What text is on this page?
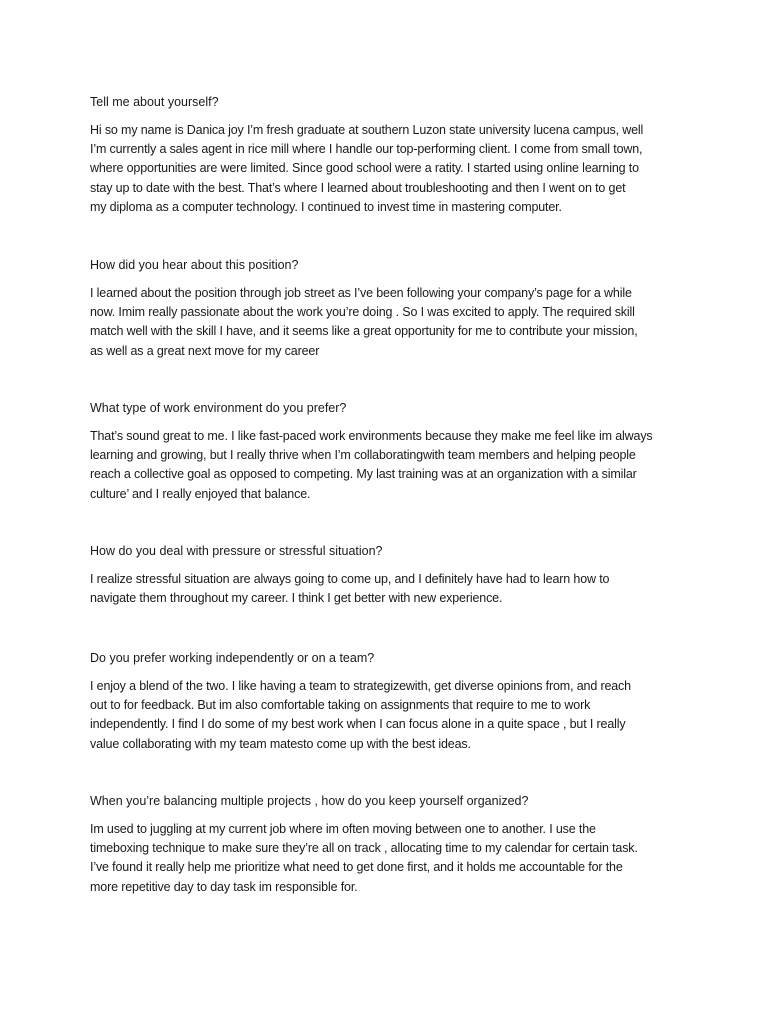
Tell me about yourself?
Hi so my name is Danica joy I’m fresh graduate at southern Luzon state university lucena campus, well
I’m currently a sales agent in rice mill where I handle our top-performing client. I come from small town,
where opportunities are were limited. Since good school were a ratity. I started using online learning to
stay up to date with the best. That’s where I learned about troubleshooting and then I went on to get
my diploma as a computer technology. I continued to invest time in mastering computer.
How did you hear about this position?
I learned about the position through job street as I’ve been following your company’s page for a while
now. Imim really passionate about the work you’re doing . So I was excited to apply. The required skill
match well with the skill I have, and it seems like a great opportunity for me to contribute your mission,
as well as a great next move for my career
What type of work environment do you prefer?
That’s sound great to me. I like fast-paced work environments because they make me feel like im always
learning and growing, but I really thrive when I’m collaboratingwith team members and helping people
reach a collective goal as opposed to competing. My last training was at an organization with a similar
culture’ and I really enjoyed that balance.
How do you deal with pressure or stressful situation?
I realize stressful situation are always going to come up, and I definitely have had to learn how to
navigate them throughout my career. I think I get better with new experience.
Do you prefer working independently or on a team?
I enjoy a blend of the two. I like having a team to strategizewith, get diverse opinions from, and reach
out to for feedback. But im also comfortable taking on assignments that require to me to work
independently. I find I do some of my best work when I can focus alone in a quite space , but I really
value collaborating with my team matesto come up with the best ideas.
When you’re balancing multiple projects , how do you keep yourself organized?
Im used to juggling at my current job where im often moving between one to another. I use the
timeboxing technique to make sure they’re all on track , allocating time to my calendar for certain task.
I’ve found it really help me prioritize what need to get done first, and it holds me accountable for the
more repetitive day to day task im responsible for.
